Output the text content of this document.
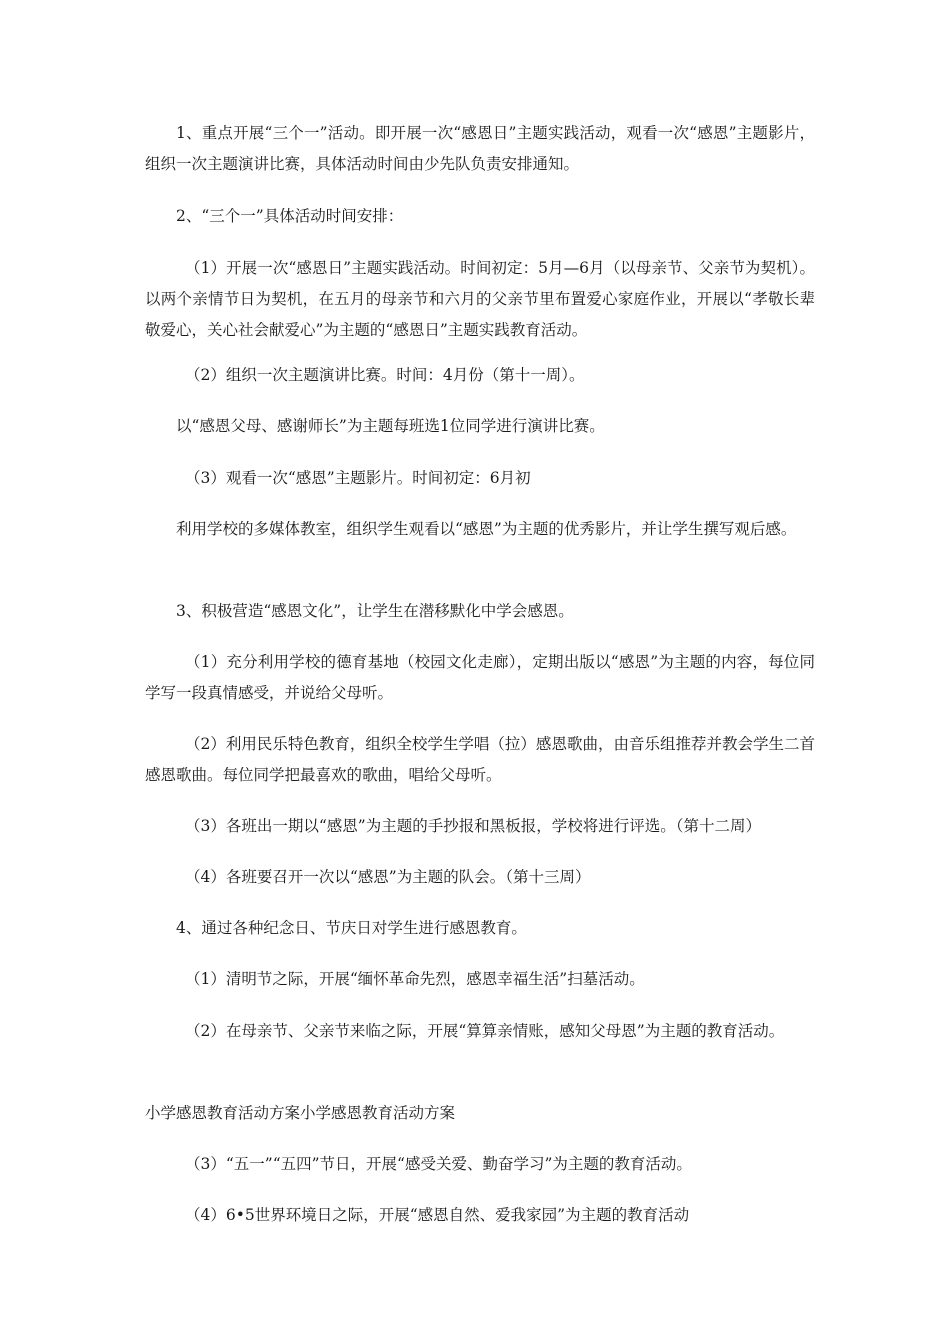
1、重点开展“三个一”活动。即开展一次“感恩日”主题实践活动，观看一次“感恩”主题影片，组织一次主题演讲比赛，具体活动时间由少先队负责安排通知。

2、“三个一”具体活动时间安排：

（1）开展一次“感恩日”主题实践活动。时间初定：5月—6月（以母亲节、父亲节为契机）。以两个亲情节日为契机，在五月的母亲节和六月的父亲节里布置爱心家庭作业，开展以“孝敬长辈敬爱心，关心社会献爱心”为主题的“感恩日”主题实践教育活动。

（2）组织一次主题演讲比赛。时间：4月份（第十一周）。

以“感恩父母、感谢师长”为主题每班选1位同学进行演讲比赛。

（3）观看一次“感恩”主题影片。时间初定：6月初

利用学校的多媒体教室，组织学生观看以“感恩”为主题的优秀影片，并让学生撰写观后感。

3、积极营造“感恩文化”，让学生在潜移默化中学会感恩。

（1）充分利用学校的德育基地（校园文化走廊），定期出版以“感恩”为主题的内容，每位同学写一段真情感受，并说给父母听。

（2）利用民乐特色教育，组织全校学生学唱（拉）感恩歌曲，由音乐组推荐并教会学生二首感恩歌曲。每位同学把最喜欢的歌曲，唱给父母听。

（3）各班出一期以“感恩”为主题的手抄报和黑板报，学校将进行评选。（第十二周）

（4）各班要召开一次以“感恩”为主题的队会。（第十三周）

4、通过各种纪念日、节庆日对学生进行感恩教育。

（1）清明节之际，开展“缅怀革命先烈，感恩幸福生活”扫墓活动。

（2）在母亲节、父亲节来临之际，开展“算算亲情账，感知父母恩”为主题的教育活动。

小学感恩教育活动方案小学感恩教育活动方案

（3）“五一”“五四”节日，开展“感受关爱、勤奋学习”为主题的教育活动。

（4）6•5世界环境日之际，开展“感恩自然、爱我家园”为主题的教育活动
